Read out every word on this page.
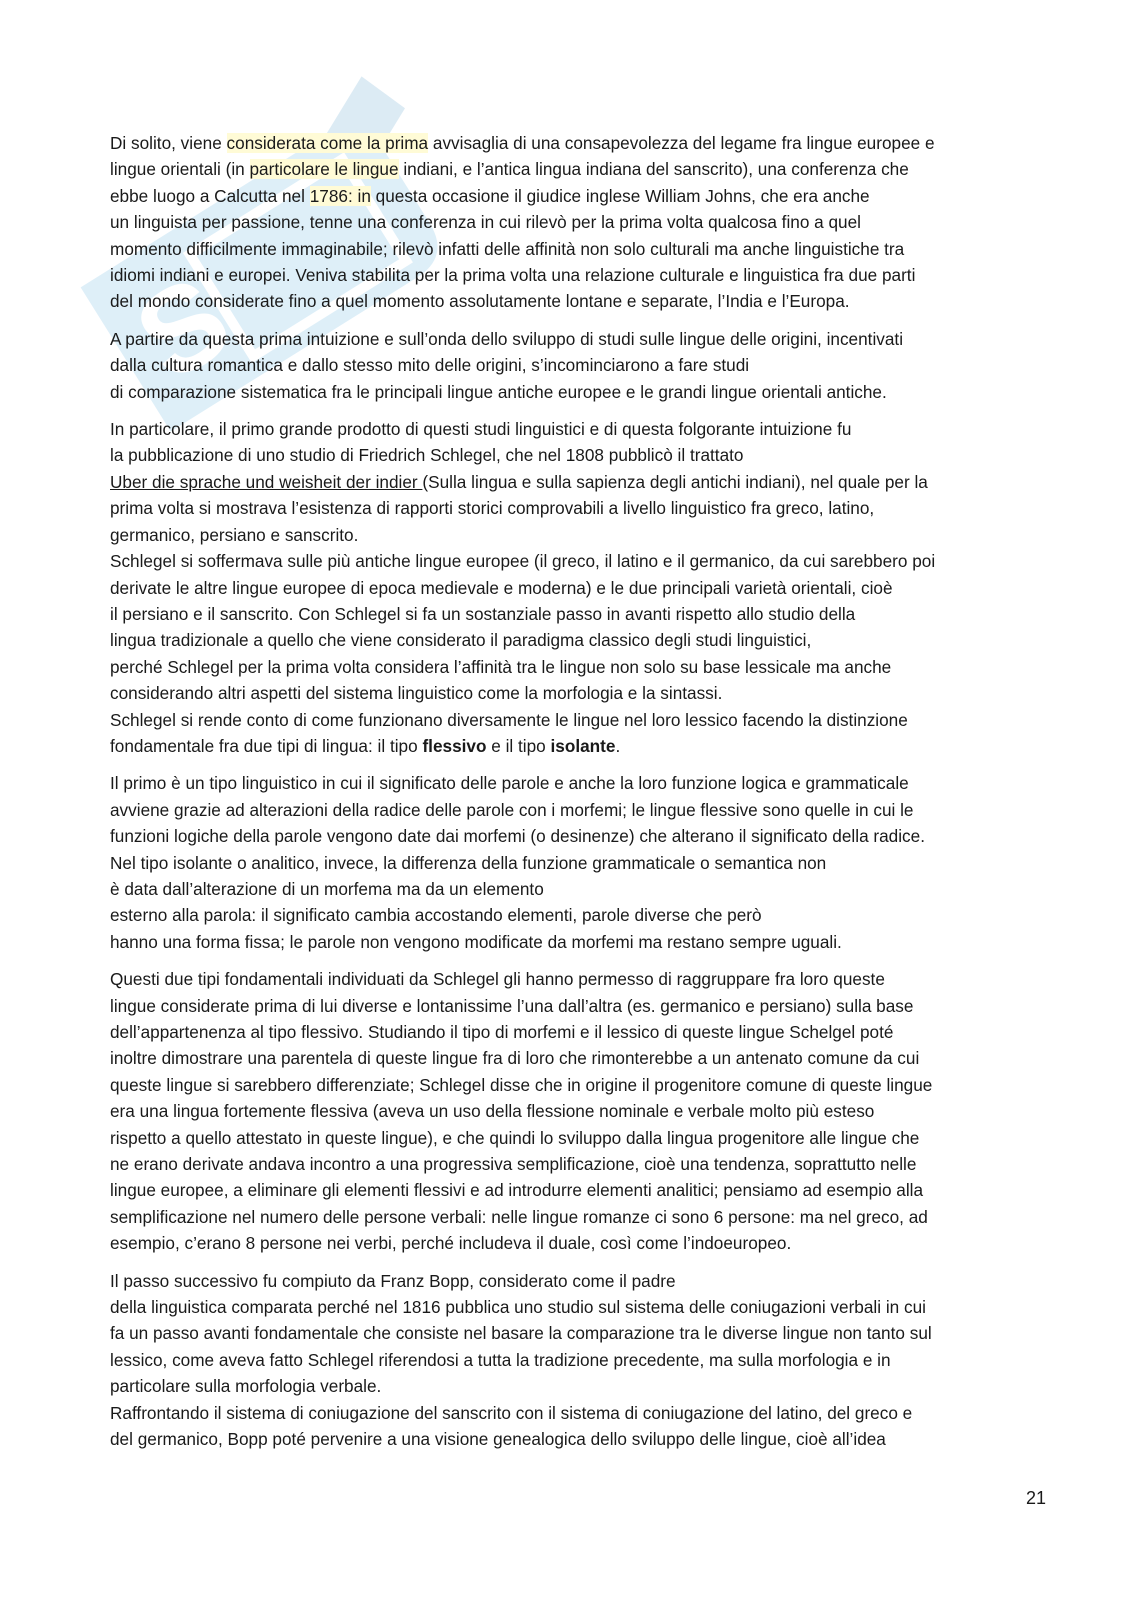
S
Di solito, viene considerata come la prima avvisaglia di una consapevolezza del legame fra lingue europee e
lingue orientali (in particolare le lingue indiani, e l’antica lingua indiana del sanscrito), una conferenza che
ebbe luogo a Calcutta nel 1786: in questa occasione il giudice inglese William Johns, che era anche
un linguista per passione, tenne una conferenza in cui rilevò per la prima volta qualcosa fino a quel
momento difficilmente immaginabile; rilevò infatti delle affinità non solo culturali ma anche linguistiche tra
idiomi indiani e europei. Veniva stabilita per la prima volta una relazione culturale e linguistica fra due parti
del mondo considerate fino a quel momento assolutamente lontane e separate, l’India e l’Europa.
A partire da questa prima intuizione e sull’onda dello sviluppo di studi sulle lingue delle origini, incentivati
dalla cultura romantica e dallo stesso mito delle origini, s’incominciarono a fare studi
di comparazione sistematica fra le principali lingue antiche europee e le grandi lingue orientali antiche.
In particolare, il primo grande prodotto di questi studi linguistici e di questa folgorante intuizione fu
la pubblicazione di uno studio di Friedrich Schlegel, che nel 1808 pubblicò il trattato
Uber die sprache und weisheit der indier (Sulla lingua e sulla sapienza degli antichi indiani), nel quale per la
prima volta si mostrava l’esistenza di rapporti storici comprovabili a livello linguistico fra greco, latino,
germanico, persiano e sanscrito.
Schlegel si soffermava sulle più antiche lingue europee (il greco, il latino e il germanico, da cui sarebbero poi
derivate le altre lingue europee di epoca medievale e moderna) e le due principali varietà orientali, cioè
il persiano e il sanscrito. Con Schlegel si fa un sostanziale passo in avanti rispetto allo studio della
lingua tradizionale a quello che viene considerato il paradigma classico degli studi linguistici,
perché Schlegel per la prima volta considera l’affinità tra le lingue non solo su base lessicale ma anche
considerando altri aspetti del sistema linguistico come la morfologia e la sintassi.
Schlegel si rende conto di come funzionano diversamente le lingue nel loro lessico facendo la distinzione
fondamentale fra due tipi di lingua: il tipo flessivo e il tipo isolante.
Il primo è un tipo linguistico in cui il significato delle parole e anche la loro funzione logica e grammaticale
avviene grazie ad alterazioni della radice delle parole con i morfemi; le lingue flessive sono quelle in cui le
funzioni logiche della parole vengono date dai morfemi (o desinenze) che alterano il significato della radice.
Nel tipo isolante o analitico, invece, la differenza della funzione grammaticale o semantica non
è data dall’alterazione di un morfema ma da un elemento
esterno alla parola: il significato cambia accostando elementi, parole diverse che però
hanno una forma fissa; le parole non vengono modificate da morfemi ma restano sempre uguali.
Questi due tipi fondamentali individuati da Schlegel gli hanno permesso di raggruppare fra loro queste
lingue considerate prima di lui diverse e lontanissime l’una dall’altra (es. germanico e persiano) sulla base
dell’appartenenza al tipo flessivo. Studiando il tipo di morfemi e il lessico di queste lingue Schelgel poté
inoltre dimostrare una parentela di queste lingue fra di loro che rimonterebbe a un antenato comune da cui
queste lingue si sarebbero differenziate; Schlegel disse che in origine il progenitore comune di queste lingue
era una lingua fortemente flessiva (aveva un uso della flessione nominale e verbale molto più esteso
rispetto a quello attestato in queste lingue), e che quindi lo sviluppo dalla lingua progenitore alle lingue che
ne erano derivate andava incontro a una progressiva semplificazione, cioè una tendenza, soprattutto nelle
lingue europee, a eliminare gli elementi flessivi e ad introdurre elementi analitici; pensiamo ad esempio alla
semplificazione nel numero delle persone verbali: nelle lingue romanze ci sono 6 persone: ma nel greco, ad
esempio, c’erano 8 persone nei verbi, perché includeva il duale, così come l’indoeuropeo.
Il passo successivo fu compiuto da Franz Bopp, considerato come il padre
della linguistica comparata perché nel 1816 pubblica uno studio sul sistema delle coniugazioni verbali in cui
fa un passo avanti fondamentale che consiste nel basare la comparazione tra le diverse lingue non tanto sul
lessico, come aveva fatto Schlegel riferendosi a tutta la tradizione precedente, ma sulla morfologia e in
particolare sulla morfologia verbale.
Raffrontando il sistema di coniugazione del sanscrito con il sistema di coniugazione del latino, del greco e
del germanico, Bopp poté pervenire a una visione genealogica dello sviluppo delle lingue, cioè all’idea
21
